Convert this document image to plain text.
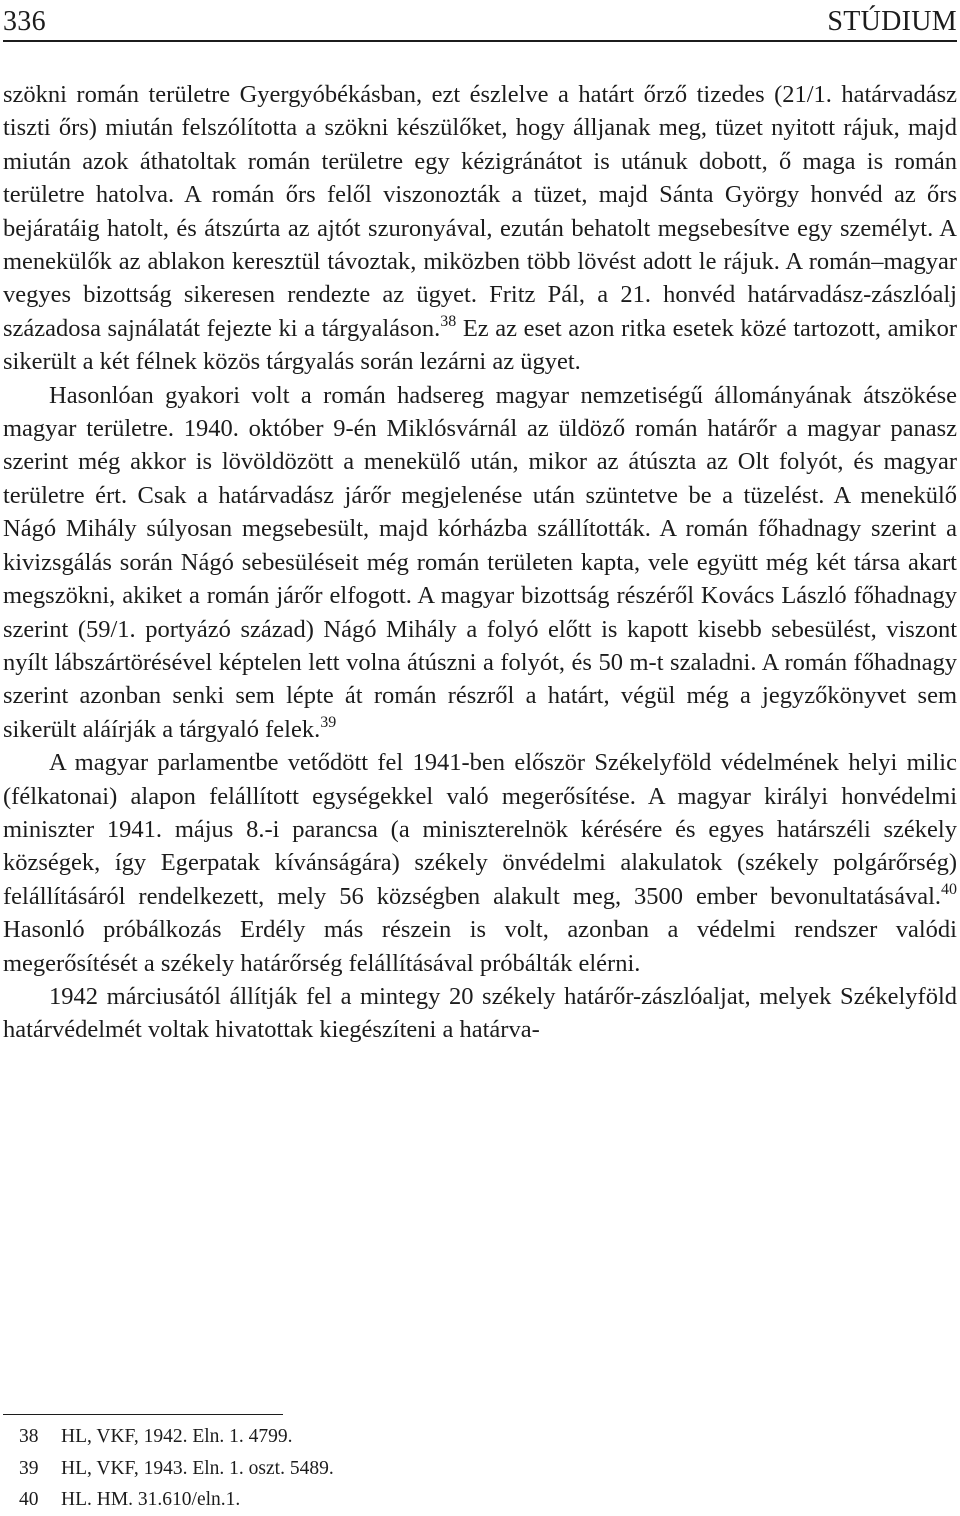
336	STÚDIUM

szökni román területre Gyergyóbékásban, ezt észlelve a határt őrző tizedes (21/1. határvadász tiszti őrs) miután felszólította a szökni készülőket, hogy álljanak meg, tüzet nyitott rájuk, majd miután azok áthatoltak román területre egy kézigránátot is utánuk dobott, ő maga is román területre hatolva. A román őrs felől viszonozták a tüzet, majd Sánta György honvéd az őrs bejáratáig hatolt, és átszúrta az ajtót szuronyával, ezután behatolt megsebesítve egy személyt. A menekülők az ablakon keresztül távoztak, miközben több lövést adott le rájuk. A román–magyar vegyes bizottság sikeresen rendezte az ügyet. Fritz Pál, a 21. honvéd határvadász-zászlóalj századosa sajnálatát fejezte ki a tárgyaláson.$^{38}$ Ez az eset azon ritka esetek közé tartozott, amikor sikerült a két félnek közös tárgyalás során lezárni az ügyet.

Hasonlóan gyakori volt a román hadsereg magyar nemzetiségű állományának átszökése magyar területre. 1940. október 9-én Miklósvárnál az üldöző román határőr a magyar panasz szerint még akkor is lövöldözött a menekülő után, mikor az átúszta az Olt folyót, és magyar területre ért. Csak a határvadász járőr megjelenése után szüntetve be a tüzelést. A menekülő Nágó Mihály súlyosan megsebesült, majd kórházba szállították. A román főhadnagy szerint a kivizsgálás során Nágó sebesüléseit még román területen kapta, vele együtt még két társa akart megszökni, akiket a román járőr elfogott. A magyar bizottság részéről Kovács László főhadnagy szerint (59/1. portyázó század) Nágó Mihály a folyó előtt is kapott kisebb sebesülést, viszont nyílt lábszártörésével képtelen lett volna átúszni a folyót, és 50 m-t szaladni. A román főhadnagy szerint azonban senki sem lépte át román részről a határt, végül még a jegyzőkönyvet sem sikerült aláírják a tárgyaló felek.$^{39}$

A magyar parlamentbe vetődött fel 1941-ben először Székelyföld védelmének helyi milic (félkatonai) alapon felállított egységekkel való megerősítése. A magyar királyi honvédelmi miniszter 1941. május 8.-i parancsa (a miniszterelnök kérésére és egyes határszéli székely községek, így Egerpatak kívánságára) székely önvédelmi alakulatok (székely polgárőrség) felállításáról rendelkezett, mely 56 községben alakult meg, 3500 ember bevonultatásával.$^{40}$ Hasonló próbálkozás Erdély más részein is volt, azonban a védelmi rendszer valódi megerősítését a székely határőrség felállításával próbálták elérni.

1942 márciusától állítják fel a mintegy 20 székely határőr-zászlóaljat, melyek Székelyföld határvédelmét voltak hivatottak kiegészíteni a határva-

38 HL, VKF, 1942. Eln. 1. 4799.
39 HL, VKF, 1943. Eln. 1. oszt. 5489.
40 HL. HM. 31.610/eln.1.
